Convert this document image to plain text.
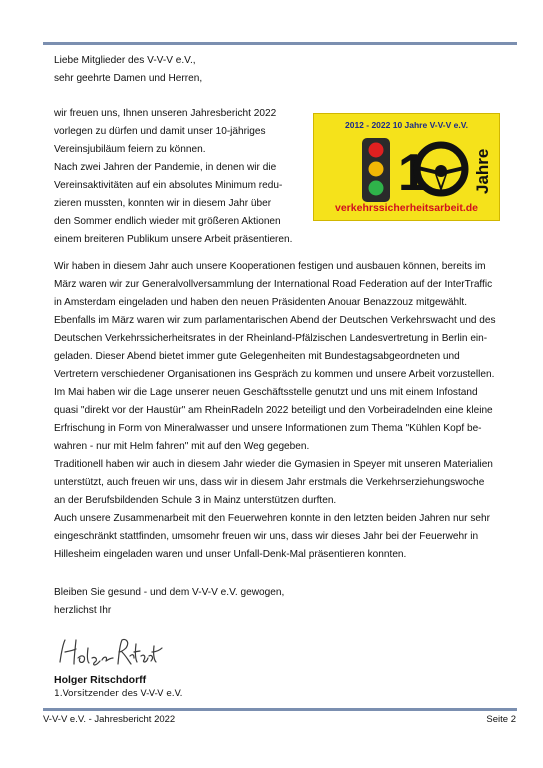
Liebe Mitglieder des V-V-V e.V.,
sehr geehrte Damen und Herren,

wir freuen uns, Ihnen unseren Jahresbericht 2022
vorlegen zu dürfen und damit unser 10-jähriges
Vereinsjubiläum feiern zu können.
Nach zwei Jahren der Pandemie, in denen wir die
Vereinsaktivitäten auf ein absolutes Minimum redu-
zieren mussten, konnten wir in diesem Jahr über
den Sommer endlich wieder mit größeren Aktionen
einem breiteren Publikum unsere Arbeit präsentieren.

2012 - 2022 10 Jahre V-V-V e.V.
1	Jahre
verkehrssicherheitsarbeit.de

Wir haben in diesem Jahr auch unsere Kooperationen festigen und ausbauen können, bereits im
März waren wir zur Generalvollversammlung der International Road Federation auf der InterTraffic
in Amsterdam eingeladen und haben den neuen Präsidenten Anouar Benazzouz mitgewählt.
Ebenfalls im März waren wir zum parlamentarischen Abend der Deutschen Verkehrswacht und des
Deutschen Verkehrssicherheitsrates in der Rheinland-Pfälzischen Landesvertretung in Berlin ein-
geladen. Dieser Abend bietet immer gute Gelegenheiten mit Bundestagsabgeordneten und
Vertretern verschiedener Organisationen ins Gespräch zu kommen und unsere Arbeit vorzustellen.
Im Mai haben wir die Lage unserer neuen Geschäftsstelle genutzt und uns mit einem Infostand
quasi "direkt vor der Haustür" am RheinRadeln 2022 beteiligt und den Vorbeiradelnden eine kleine
Erfrischung in Form von Mineralwasser und unsere Informationen zum Thema "Kühlen Kopf be-
wahren - nur mit Helm fahren" mit auf den Weg gegeben.
Traditionell haben wir auch in diesem Jahr wieder die Gymasien in Speyer mit unseren Materialien
unterstützt, auch freuen wir uns, dass wir in diesem Jahr erstmals die Verkehrserziehungswoche
an der Berufsbildenden Schule 3 in Mainz unterstützen durften.
Auch unsere Zusammenarbeit mit den Feuerwehren konnte in den letzten beiden Jahren nur sehr
eingeschränkt stattfinden, umsomehr freuen wir uns, dass wir dieses Jahr bei der Feuerwehr in
Hillesheim eingeladen waren und unser Unfall-Denk-Mal präsentieren konnten.

Bleiben Sie gesund - und dem V-V-V e.V. gewogen,
herzlichst Ihr

Holger Ritschdorff
1.Vorsitzender des V-V-V e.V.
V-V-V e.V. - Jahresbericht 2022	Seite 2
